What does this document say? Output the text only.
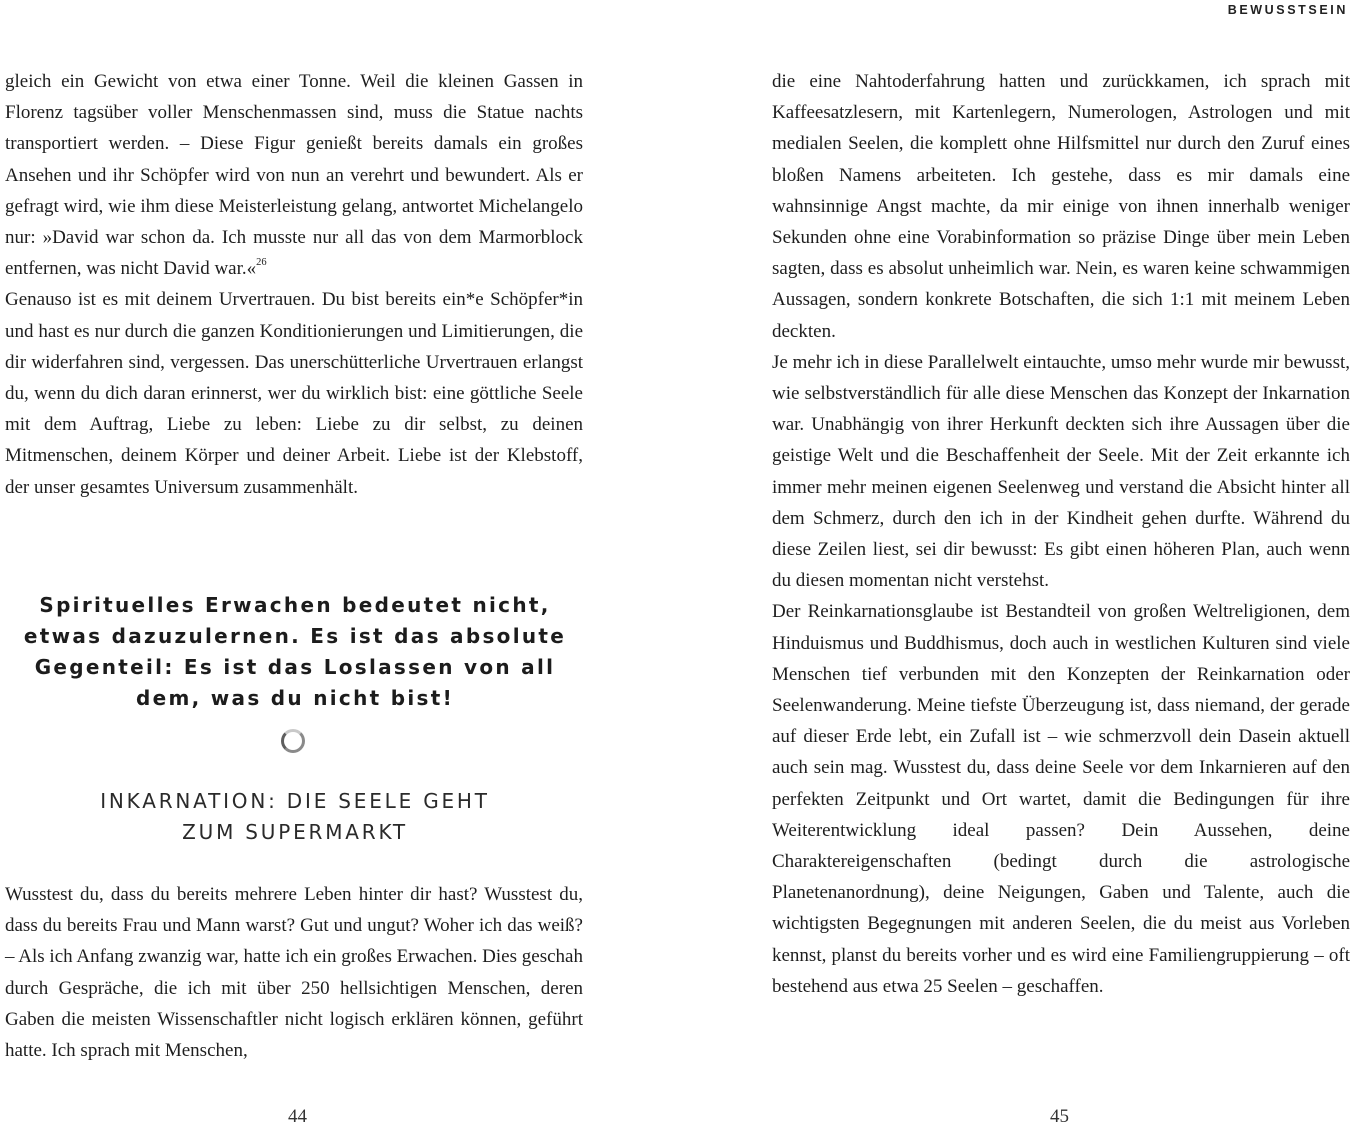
gleich ein Gewicht von etwa einer Tonne. Weil die kleinen Gassen in Florenz tagsüber voller Menschenmassen sind, muss die Statue nachts transportiert werden. – Diese Figur genießt bereits damals ein großes Ansehen und ihr Schöpfer wird von nun an verehrt und bewundert. Als er gefragt wird, wie ihm diese Meisterleistung gelang, antwortet Michelangelo nur: »David war schon da. Ich musste nur all das von dem Marmorblock entfernen, was nicht David war.«$^{26}$
Genauso ist es mit deinem Urvertrauen. Du bist bereits ein*e Schöpfer*in und hast es nur durch die ganzen Konditionierungen und Limitierungen, die dir widerfahren sind, vergessen. Das unerschütterliche Urvertrauen erlangst du, wenn du dich daran erinnerst, wer du wirklich bist: eine göttliche Seele mit dem Auftrag, Liebe zu leben: Liebe zu dir selbst, zu deinen Mitmenschen, deinem Körper und deiner Arbeit. Liebe ist der Klebstoff, der unser gesamtes Universum zusammenhält.
Spirituelles Erwachen bedeutet nicht,
etwas dazuzulernen. Es ist das absolute
Gegenteil: Es ist das Loslassen von all
dem, was du nicht bist!
INKARNATION: DIE SEELE GEHT
ZUM SUPERMARKT
Wusstest du, dass du bereits mehrere Leben hinter dir hast? Wusstest du, dass du bereits Frau und Mann warst? Gut und ungut? Woher ich das weiß? – Als ich Anfang zwanzig war, hatte ich ein großes Erwachen. Dies geschah durch Gespräche, die ich mit über 250 hellsichtigen Menschen, deren Gaben die meisten Wissenschaftler nicht logisch erklären können, geführt hatte. Ich sprach mit Menschen,
44
BEWUSSTSEIN
die eine Nahtoderfahrung hatten und zurückkamen, ich sprach mit Kaffeesatzlesern, mit Kartenlegern, Numerologen, Astrologen und mit medialen Seelen, die komplett ohne Hilfsmittel nur durch den Zuruf eines bloßen Namens arbeiteten. Ich gestehe, dass es mir damals eine wahnsinnige Angst machte, da mir einige von ihnen innerhalb weniger Sekunden ohne eine Vorabinformation so präzise Dinge über mein Leben sagten, dass es absolut unheimlich war. Nein, es waren keine schwammigen Aussagen, sondern konkrete Botschaften, die sich 1:1 mit meinem Leben deckten.
Je mehr ich in diese Parallelwelt eintauchte, umso mehr wurde mir bewusst, wie selbstverständlich für alle diese Menschen das Konzept der Inkarnation war. Unabhängig von ihrer Herkunft deckten sich ihre Aussagen über die geistige Welt und die Beschaffenheit der Seele. Mit der Zeit erkannte ich immer mehr meinen eigenen Seelenweg und verstand die Absicht hinter all dem Schmerz, durch den ich in der Kindheit gehen durfte. Während du diese Zeilen liest, sei dir bewusst: Es gibt einen höheren Plan, auch wenn du diesen momentan nicht verstehst.
Der Reinkarnationsglaube ist Bestandteil von großen Weltreligionen, dem Hinduismus und Buddhismus, doch auch in westlichen Kulturen sind viele Menschen tief verbunden mit den Konzepten der Reinkarnation oder Seelenwanderung. Meine tiefste Überzeugung ist, dass niemand, der gerade auf dieser Erde lebt, ein Zufall ist – wie schmerzvoll dein Dasein aktuell auch sein mag. Wusstest du, dass deine Seele vor dem Inkarnieren auf den perfekten Zeitpunkt und Ort wartet, damit die Bedingungen für ihre Weiterentwicklung ideal passen? Dein Aussehen, deine Charaktereigenschaften (bedingt durch die astrologische Planetenanordnung), deine Neigungen, Gaben und Talente, auch die wichtigsten Begegnungen mit anderen Seelen, die du meist aus Vorleben kennst, planst du bereits vorher und es wird eine Familiengruppierung – oft bestehend aus etwa 25 Seelen – geschaffen.
45
